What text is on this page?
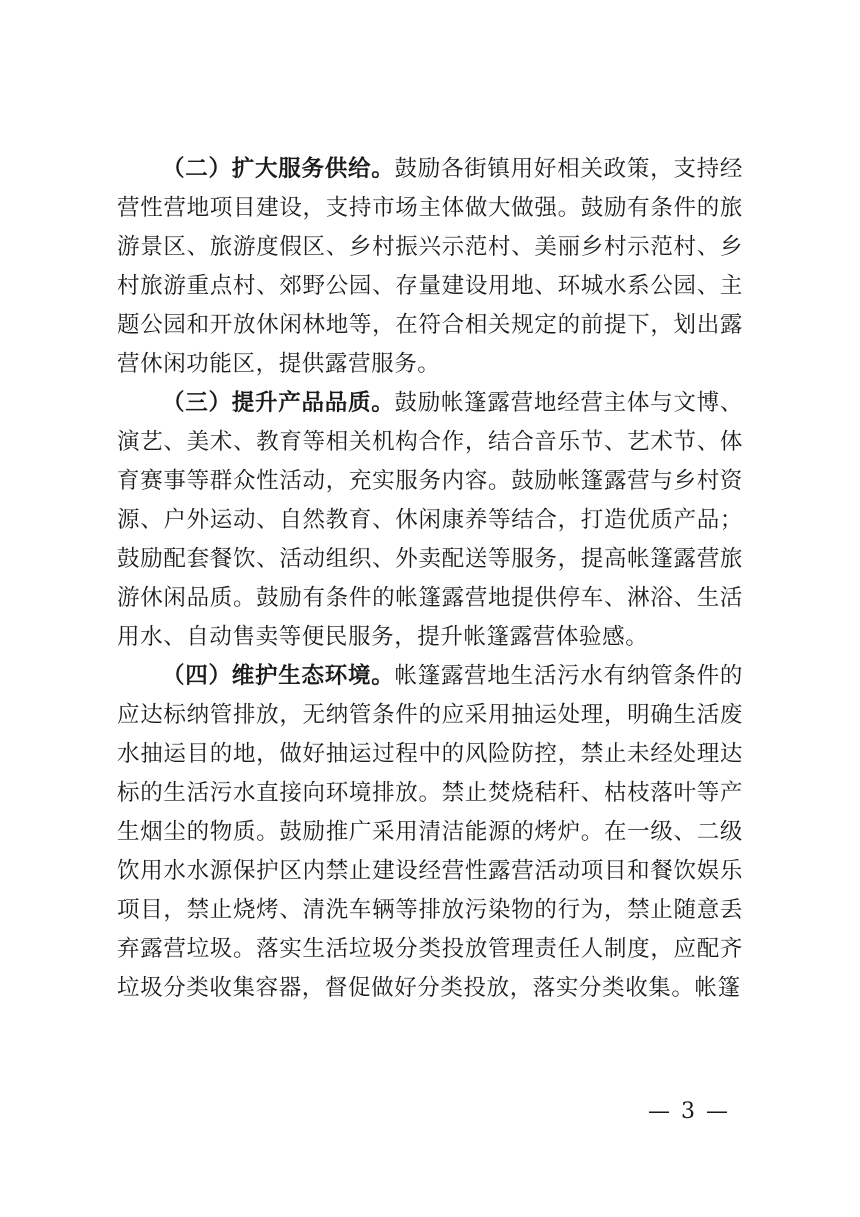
（二）扩大服务供给。鼓励各街镇用好相关政策，支持经营性营地项目建设，支持市场主体做大做强。鼓励有条件的旅游景区、旅游度假区、乡村振兴示范村、美丽乡村示范村、乡村旅游重点村、郊野公园、存量建设用地、环城水系公园、主题公园和开放休闲林地等，在符合相关规定的前提下，划出露营休闲功能区，提供露营服务。

（三）提升产品品质。鼓励帐篷露营地经营主体与文博、演艺、美术、教育等相关机构合作，结合音乐节、艺术节、体育赛事等群众性活动，充实服务内容。鼓励帐篷露营与乡村资源、户外运动、自然教育、休闲康养等结合，打造优质产品；鼓励配套餐饮、活动组织、外卖配送等服务，提高帐篷露营旅游休闲品质。鼓励有条件的帐篷露营地提供停车、淋浴、生活用水、自动售卖等便民服务，提升帐篷露营体验感。

（四）维护生态环境。帐篷露营地生活污水有纳管条件的应达标纳管排放，无纳管条件的应采用抽运处理，明确生活废水抽运目的地，做好抽运过程中的风险防控，禁止未经处理达标的生活污水直接向环境排放。禁止焚烧秸秆、枯枝落叶等产生烟尘的物质。鼓励推广采用清洁能源的烤炉。在一级、二级饮用水水源保护区内禁止建设经营性露营活动项目和餐饮娱乐项目，禁止烧烤、清洗车辆等排放污染物的行为，禁止随意丢弃露营垃圾。落实生活垃圾分类投放管理责任人制度，应配齐垃圾分类收集容器，督促做好分类投放，落实分类收集。帐篷

— 3 —
